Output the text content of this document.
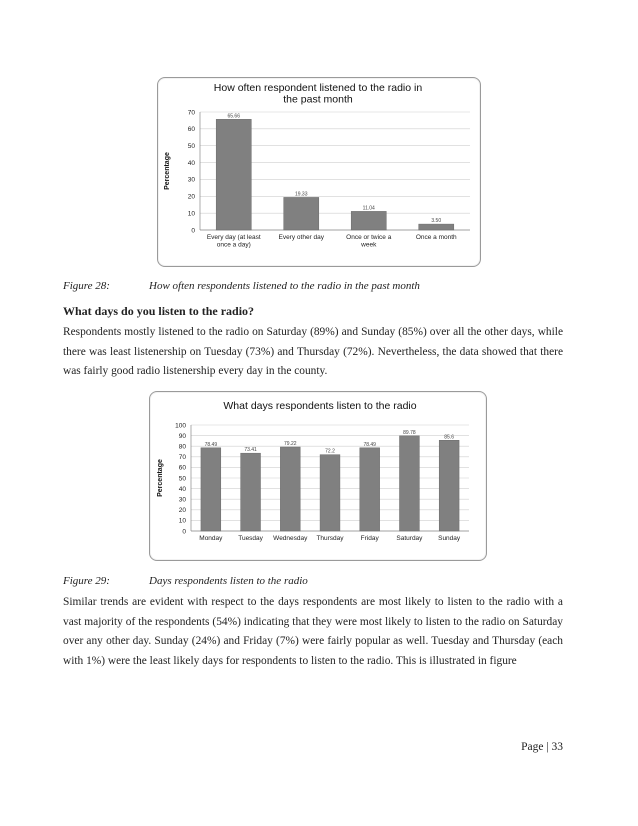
How often respondent listened to the radio in
the past month
0
10
20
30
40
50
60
70
Percentage
65.66
Every day (at least
once a day)
19.33
Every other day
11.04
Once or twice a
week
3.50
Once a month
Figure 28:	How often respondents listened to the radio in the past month
What days do you listen to the radio?

Respondents mostly listened to the radio on Saturday (89%) and Sunday (85%) over all the other days, while there was least listenership on Tuesday (73%) and Thursday (72%). Nevertheless, the data showed that there was fairly good radio listenership every day in the county.

What days respondents listen to the radio
0
10
20
30
40
50
60
70
80
90
100
Percentage
78.49
Monday
73.41
Tuesday
79.22
Wednesday
72.2
Thursday
78.49
Friday
89.78
Saturday
85.6
Sunday
Figure 29:	Days respondents listen to the radio

Similar trends are evident with respect to the days respondents are most likely to listen to the radio with a vast majority of the respondents (54%) indicating that they were most likely to listen to the radio on Saturday over any other day. Sunday (24%) and Friday (7%) were fairly popular as well. Tuesday and Thursday (each with 1%) were the least likely days for respondents to listen to the radio. This is illustrated in figure

Page | 33
